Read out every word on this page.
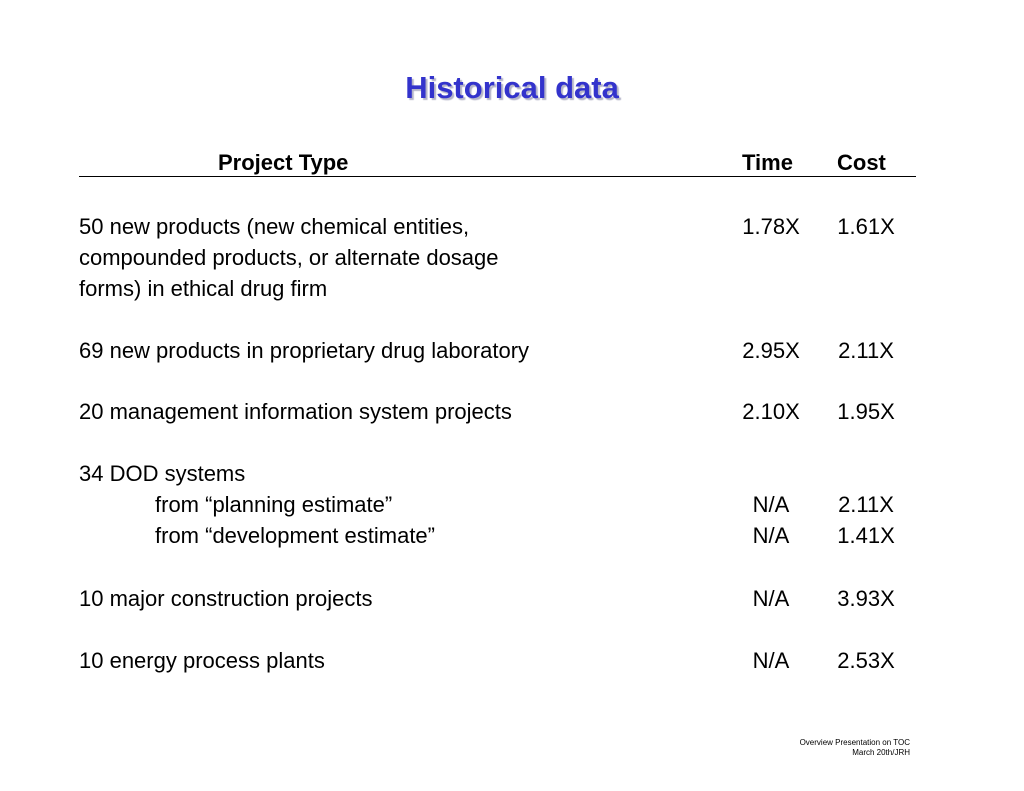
Historical data
Project Type	Time Cost
50 new products (new chemical entities,
compounded products, or alternate dosage
forms) in ethical drug firm
1.78X	1.61X
69 new products in proprietary drug laboratory	2.95X	2.11X
20 management information system projects	2.10X	1.95X
34 DOD systems
from “planning estimate”	N/A	2.11X
from “development estimate”	N/A	1.41X
10 major construction projects	N/A	3.93X
10 energy process plants	N/A	2.53X
Overview Presentation on TOC
March 20th/JRH
